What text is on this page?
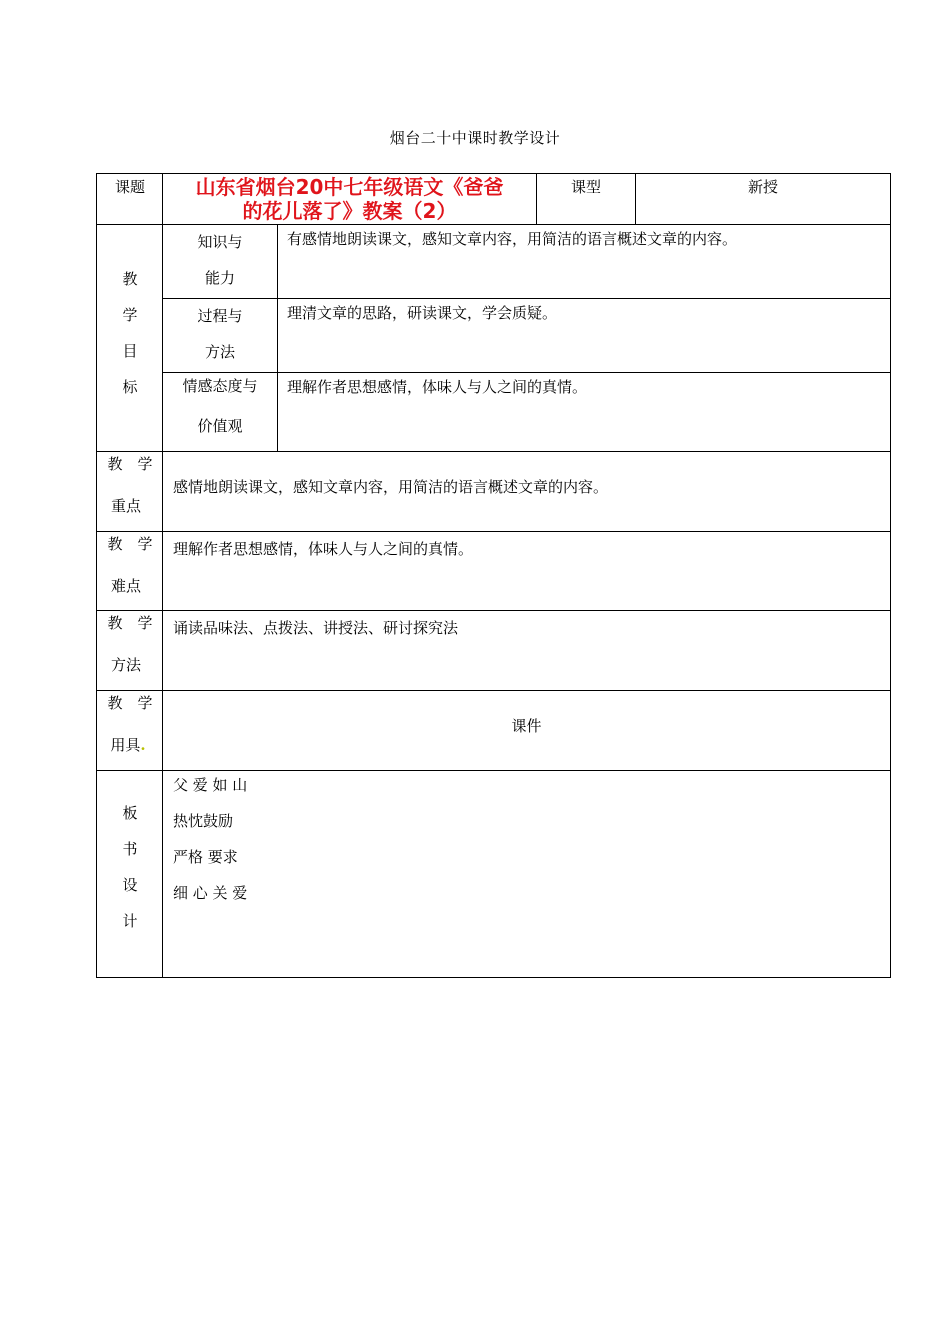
烟台二十中课时教学设计
课题	山东省烟台20中七年级语文《爸爸
的花儿落了》教案（2）
课型	新授
教
学
目
标
知识与
能力
有感情地朗读课文，感知文章内容，用简洁的语言概述文章的内容。
过程与
方法
理清文章的思路，研读课文，学会质疑。
情感态度与
价值观
理解作者思想感情，体味人与人之间的真情。
教　学
重点
感情地朗读课文，感知文章内容，用简洁的语言概述文章的内容。
教　学
难点
理解作者思想感情，体味人与人之间的真情。
教　学
方法
诵读品味法、点拨法、讲授法、研讨探究法
教　学
用具.
课件
板
书
设
计
父 爱 如 山
热忱鼓励
严格 要求
细 心 关 爱
